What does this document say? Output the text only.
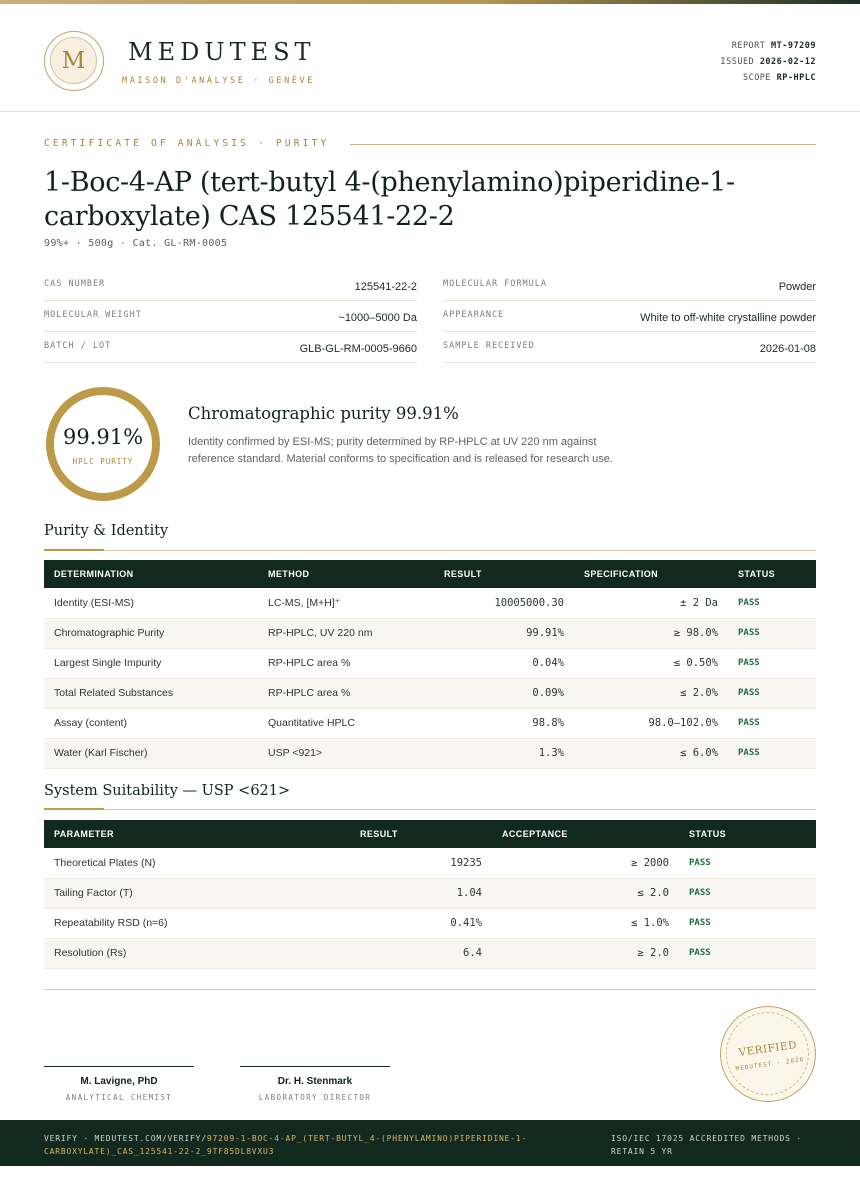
M	MEDUTEST
MAISON D'ANALYSE · GENÈVE
REPORT MT-97209
ISSUED 2026-02-12
SCOPE RP-HPLC
CERTIFICATE OF ANALYSIS · PURITY
1-Boc-4-AP (tert-butyl 4-(phenylamino)piperidine-1-carboxylate) CAS 125541-22-2
99%+ · 500g · Cat. GL-RM-0005
CAS NUMBER	125541-22-2
MOLECULAR WEIGHT	~1000–5000 Da
BATCH / LOT	GLB-GL-RM-0005-9660
MOLECULAR FORMULA	Powder
APPEARANCE	White to off-white crystalline powder
SAMPLE RECEIVED	2026-01-08
99.91%
HPLC PURITY
Chromatographic purity 99.91%
Identity confirmed by ESI-MS; purity determined by RP-HPLC at UV 220 nm against reference standard. Material conforms to specification and is released for research use.
Purity & Identity
DETERMINATION	METHOD	RESULT	SPECIFICATION	STATUS
Identity (ESI-MS)	LC-MS, [M+H]⁺	10005000.30	± 2 Da	PASS
Chromatographic Purity	RP-HPLC, UV 220 nm	99.91%	≥ 98.0%	PASS
Largest Single Impurity	RP-HPLC area %	0.04%	≤ 0.50%	PASS
Total Related Substances	RP-HPLC area %	0.09%	≤ 2.0%	PASS
Assay (content)	Quantitative HPLC	98.8%	98.0–102.0%	PASS
Water (Karl Fischer)	USP <921>	1.3%	≤ 6.0%	PASS
System Suitability — USP <621>
PARAMETER	RESULT	ACCEPTANCE	STATUS
Theoretical Plates (N)	19235	≥ 2000	PASS
Tailing Factor (T)	1.04	≤ 2.0	PASS
Repeatability RSD (n=6)	0.41%	≤ 1.0%	PASS
Resolution (Rs)	6.4	≥ 2.0	PASS
M. Lavigne, PhD
ANALYTICAL CHEMIST
Dr. H. Stenmark
LABORATORY DIRECTOR
VERIFIED
MEDUTEST · 2026
VERIFY · MEDUTEST.COM/VERIFY/97209-1-BOC-4-AP_(TERT-BUTYL_4-(PHENYLAMINO)PIPERIDINE-1-CARBOXYLATE)_CAS_125541-22-2_9TF85DL8VXU3
ISO/IEC 17025 ACCREDITED METHODS · RETAIN 5 YR
